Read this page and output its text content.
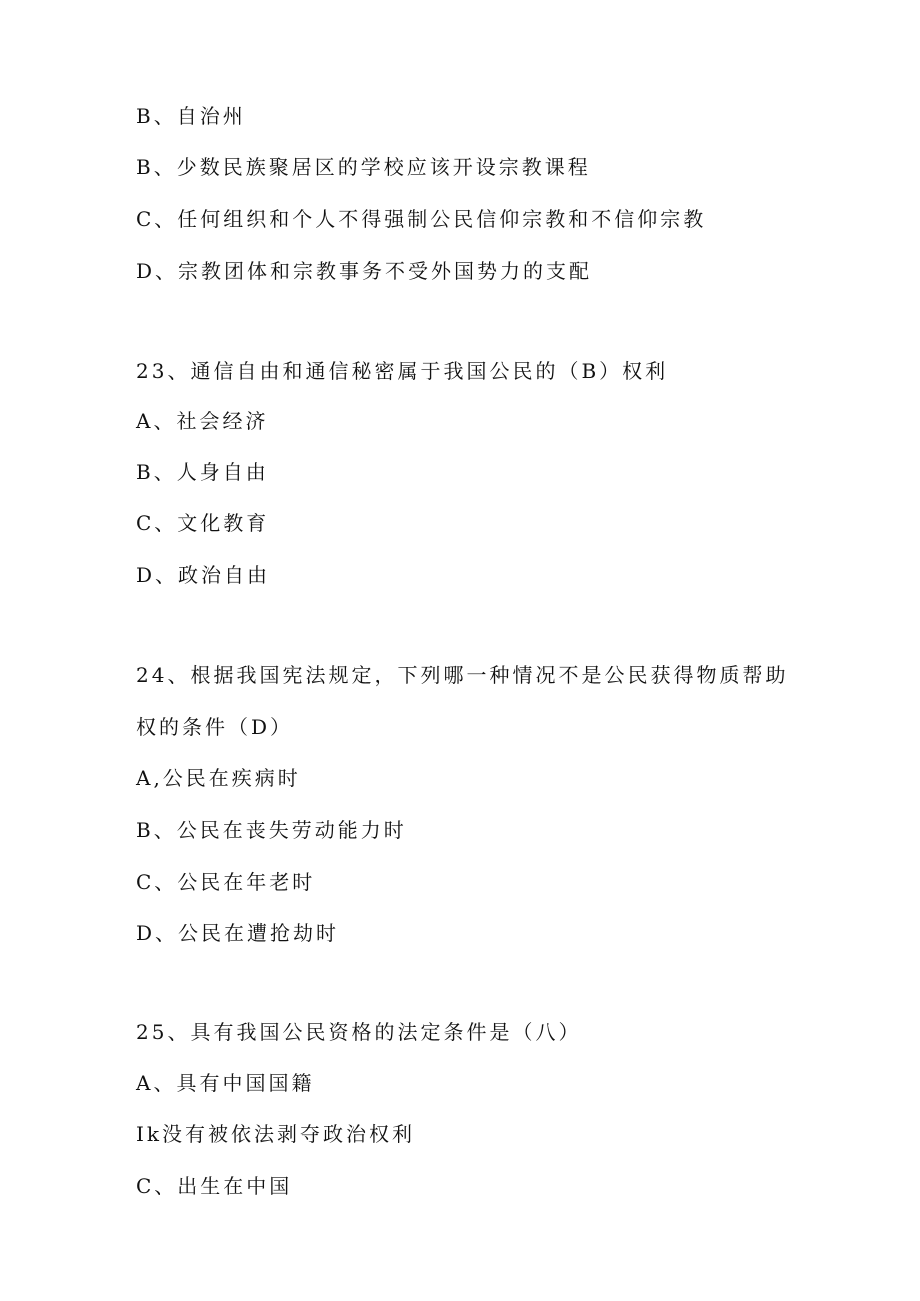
B、自治州
B、少数民族聚居区的学校应该开设宗教课程
C、任何组织和个人不得强制公民信仰宗教和不信仰宗教
D、宗教团体和宗教事务不受外国势力的支配
23、通信自由和通信秘密属于我国公民的（B）权利
A、社会经济
B、人身自由
C、文化教育
D、政治自由
24、根据我国宪法规定，下列哪一种情况不是公民获得物质帮助
权的条件（D）
A,公民在疾病时
B、公民在丧失劳动能力时
C、公民在年老时
D、公民在遭抢劫时
25、具有我国公民资格的法定条件是（八）
A、具有中国国籍
Ik没有被依法剥夺政治权利
C、出生在中国
